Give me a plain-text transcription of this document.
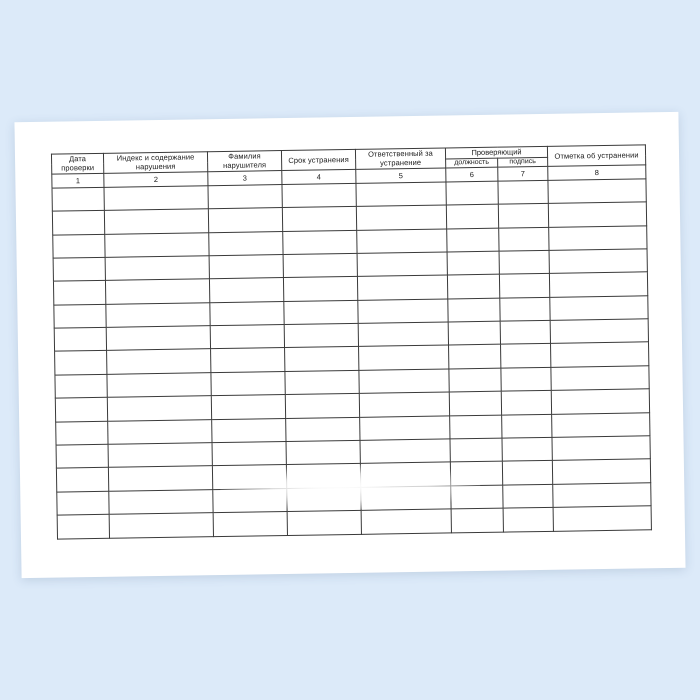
Дата проверки	Индекс и содержание нарушения	Фамилия нарушителя	Срок устранения	Ответственный за устранение	Проверяющий		Отметка об устранении
					должность	подпись	
1	2	3	4	5	6	7	8
